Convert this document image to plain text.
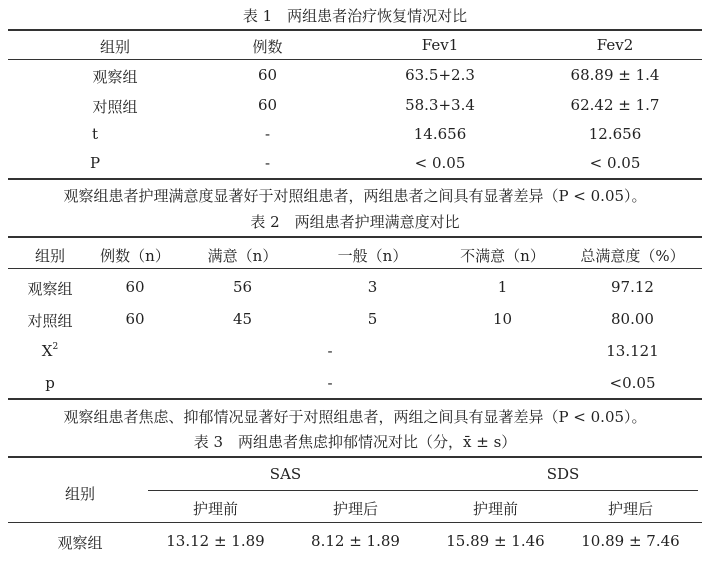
表 1　两组患者治疗恢复情况对比
组别	例数	Fev1	Fev2
观察组	60	63.5+2.3	68.89 ± 1.4
对照组	60	58.3+3.4	62.42 ± 1.7
t	-	14.656	12.656
P	-	< 0.05	< 0.05
观察组患者护理满意度显著好于对照组患者，两组患者之间具有显著差异（P < 0.05）。
表 2　两组患者护理满意度对比
组别	例数（n）	满意（n）	一般（n）	不满意（n）	总满意度（%）
观察组	60	56	3	1	97.12
对照组	60	45	5	10	80.00
$X^2$	-	13.121
p	-	<0.05
观察组患者焦虑、抑郁情况显著好于对照组患者，两组之间具有显著差异（P < 0.05）。
表 3　两组患者焦虑抑郁情况对比（分，x̄ ± s）
组别
SAS	SDS
护理前	护理后	护理前	护理后
观察组	13.12 ± 1.89	8.12 ± 1.89	15.89 ± 1.46	10.89 ± 7.46
